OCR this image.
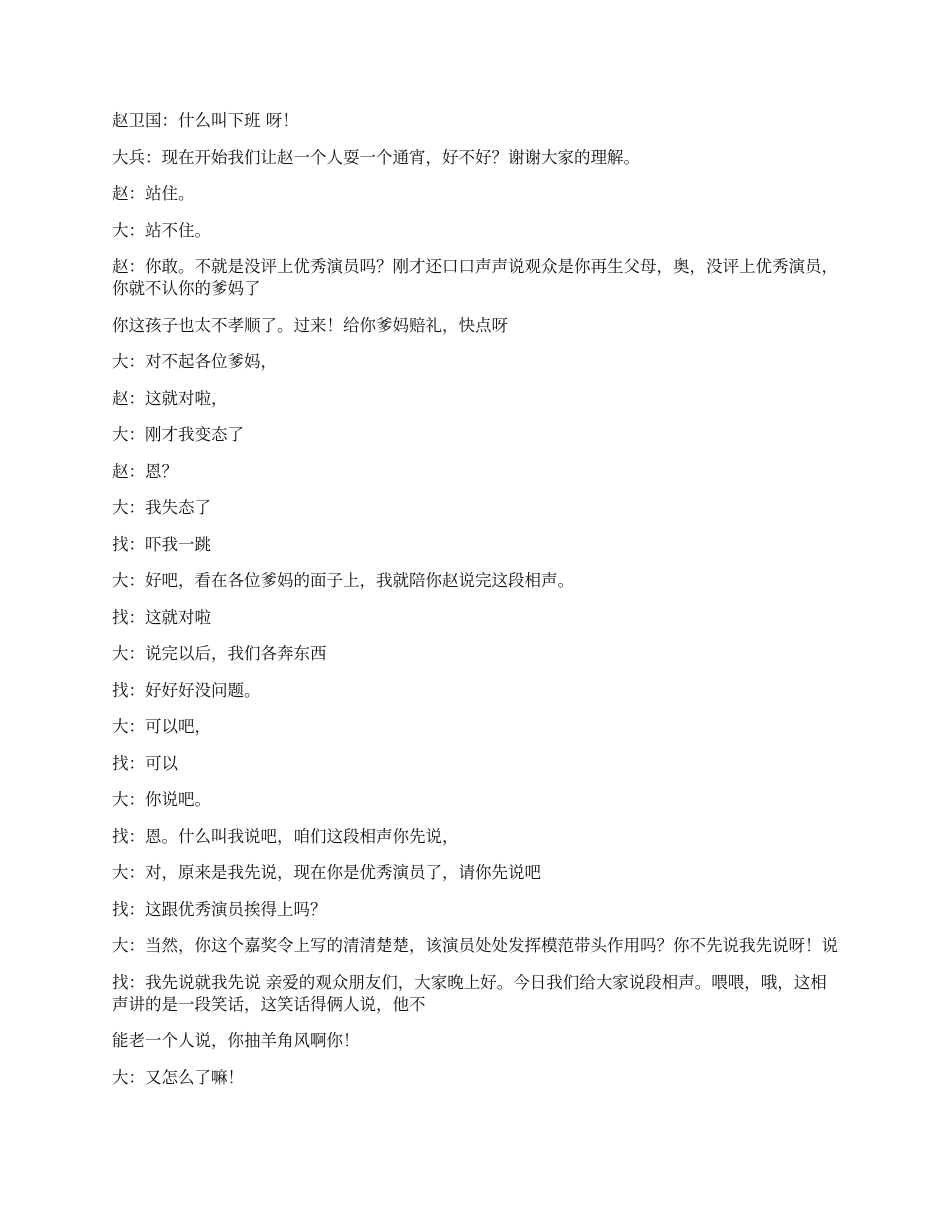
赵卫国：什么叫下班 呀！

大兵：现在开始我们让赵一个人耍一个通宵，好不好？谢谢大家的理解。

赵：站住。

大：站不住。

赵：你敢。不就是没评上优秀演员吗？刚才还口口声声说观众是你再生父母，奥，没评上优秀演员，你就不认你的爹妈了

你这孩子也太不孝顺了。过来！给你爹妈赔礼，快点呀

大：对不起各位爹妈，

赵：这就对啦，

大：刚才我变态了

赵：恩？

大：我失态了

找：吓我一跳

大：好吧，看在各位爹妈的面子上，我就陪你赵说完这段相声。

找：这就对啦

大：说完以后，我们各奔东西

找：好好好没问题。

大：可以吧，

找：可以

大：你说吧。

找：恩。什么叫我说吧，咱们这段相声你先说，

大：对，原来是我先说，现在你是优秀演员了，请你先说吧

找：这跟优秀演员挨得上吗？

大：当然，你这个嘉奖令上写的清清楚楚，该演员处处发挥模范带头作用吗？你不先说我先说呀！说

找：我先说就我先说 亲爱的观众朋友们，大家晚上好。今日我们给大家说段相声。喂喂，哦，这相声讲的是一段笑话，这笑话得俩人说，他不

能老一个人说，你抽羊角风啊你！

大：又怎么了嘛！
